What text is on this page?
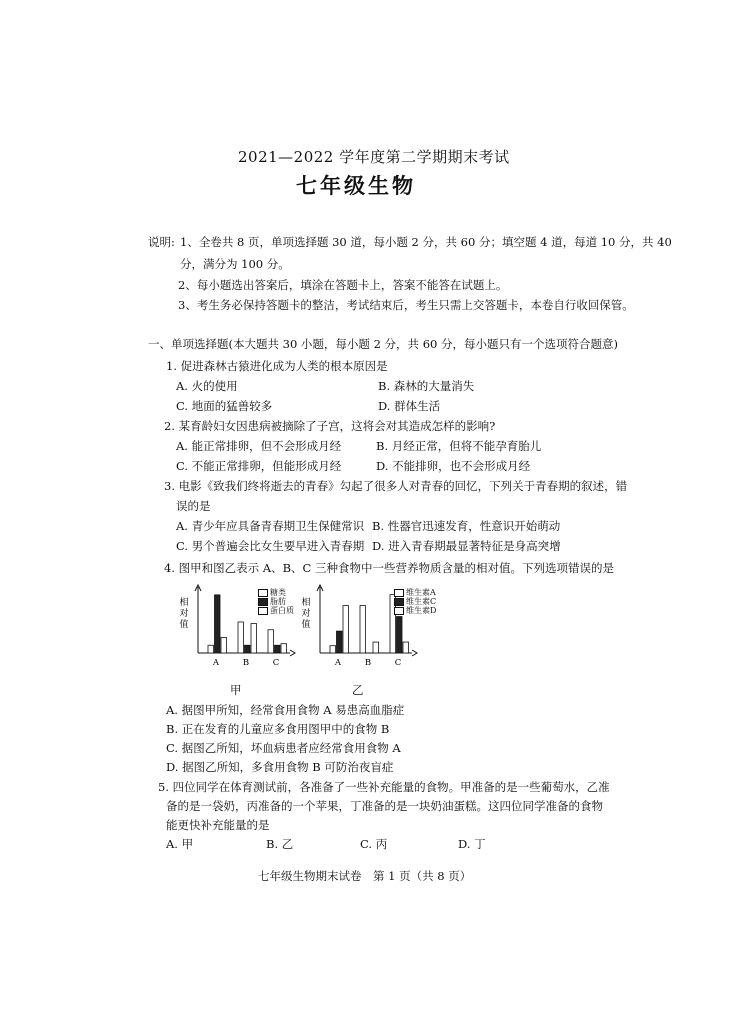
2021—2022 学年度第二学期期末考试
七年级生物
说明: 1、全卷共 8 页，单项选择题 30 道，每小题 2 分，共 60 分；填空题 4 道，每道 10 分，共 40
分，满分为 100 分。
2、每小题选出答案后，填涂在答题卡上，答案不能答在试题上。
3、考生务必保持答题卡的整洁，考试结束后，考生只需上交答题卡，本卷自行收回保管。
一、单项选择题(本大题共 30 小题，每小题 2 分，共 60 分，每小题只有一个选项符合题意)
1. 促进森林古猿进化成为人类的根本原因是
A. 火的使用	B. 森林的大量消失
C. 地面的猛兽较多	D. 群体生活
2. 某育龄妇女因患病被摘除了子宫，这将会对其造成怎样的影响?
A. 能正常排卵，但不会形成月经	B. 月经正常，但将不能孕育胎儿
C. 不能正常排卵，但能形成月经	D. 不能排卵，也不会形成月经
3. 电影《致我们终将逝去的青春》勾起了很多人对青春的回忆，下列关于青春期的叙述，错
误的是
A. 青少年应具备青春期卫生保健常识 B. 性器官迅速发育，性意识开始萌动
C. 男个普遍会比女生要早进入青春期 D. 进入青春期最显著特征是身高突增
4. 图甲和图乙表示 A、B、C 三种食物中一些营养物质含量的相对值。下列选项错误的是
相
对
值
A	B	C
相
对
值
A	B	C
糖类
脂肪
蛋白质
维生素A
维生素C
维生素D
甲	乙
A. 据图甲所知，经常食用食物 A 易患高血脂症
B. 正在发育的儿童应多食用图甲中的食物 B
C. 据图乙所知，坏血病患者应经常食用食物 A
D. 据图乙所知，多食用食物 B 可防治夜盲症
5. 四位同学在体育测试前，各准备了一些补充能量的食物。甲准备的是一些葡萄水，乙准
备的是一袋奶，丙准备的一个苹果，丁准备的是一块奶油蛋糕。这四位同学准备的食物
能更快补充能量的是
A. 甲	B. 乙	C. 丙	D. 丁
七年级生物期末试卷　第 1 页（共 8 页）
